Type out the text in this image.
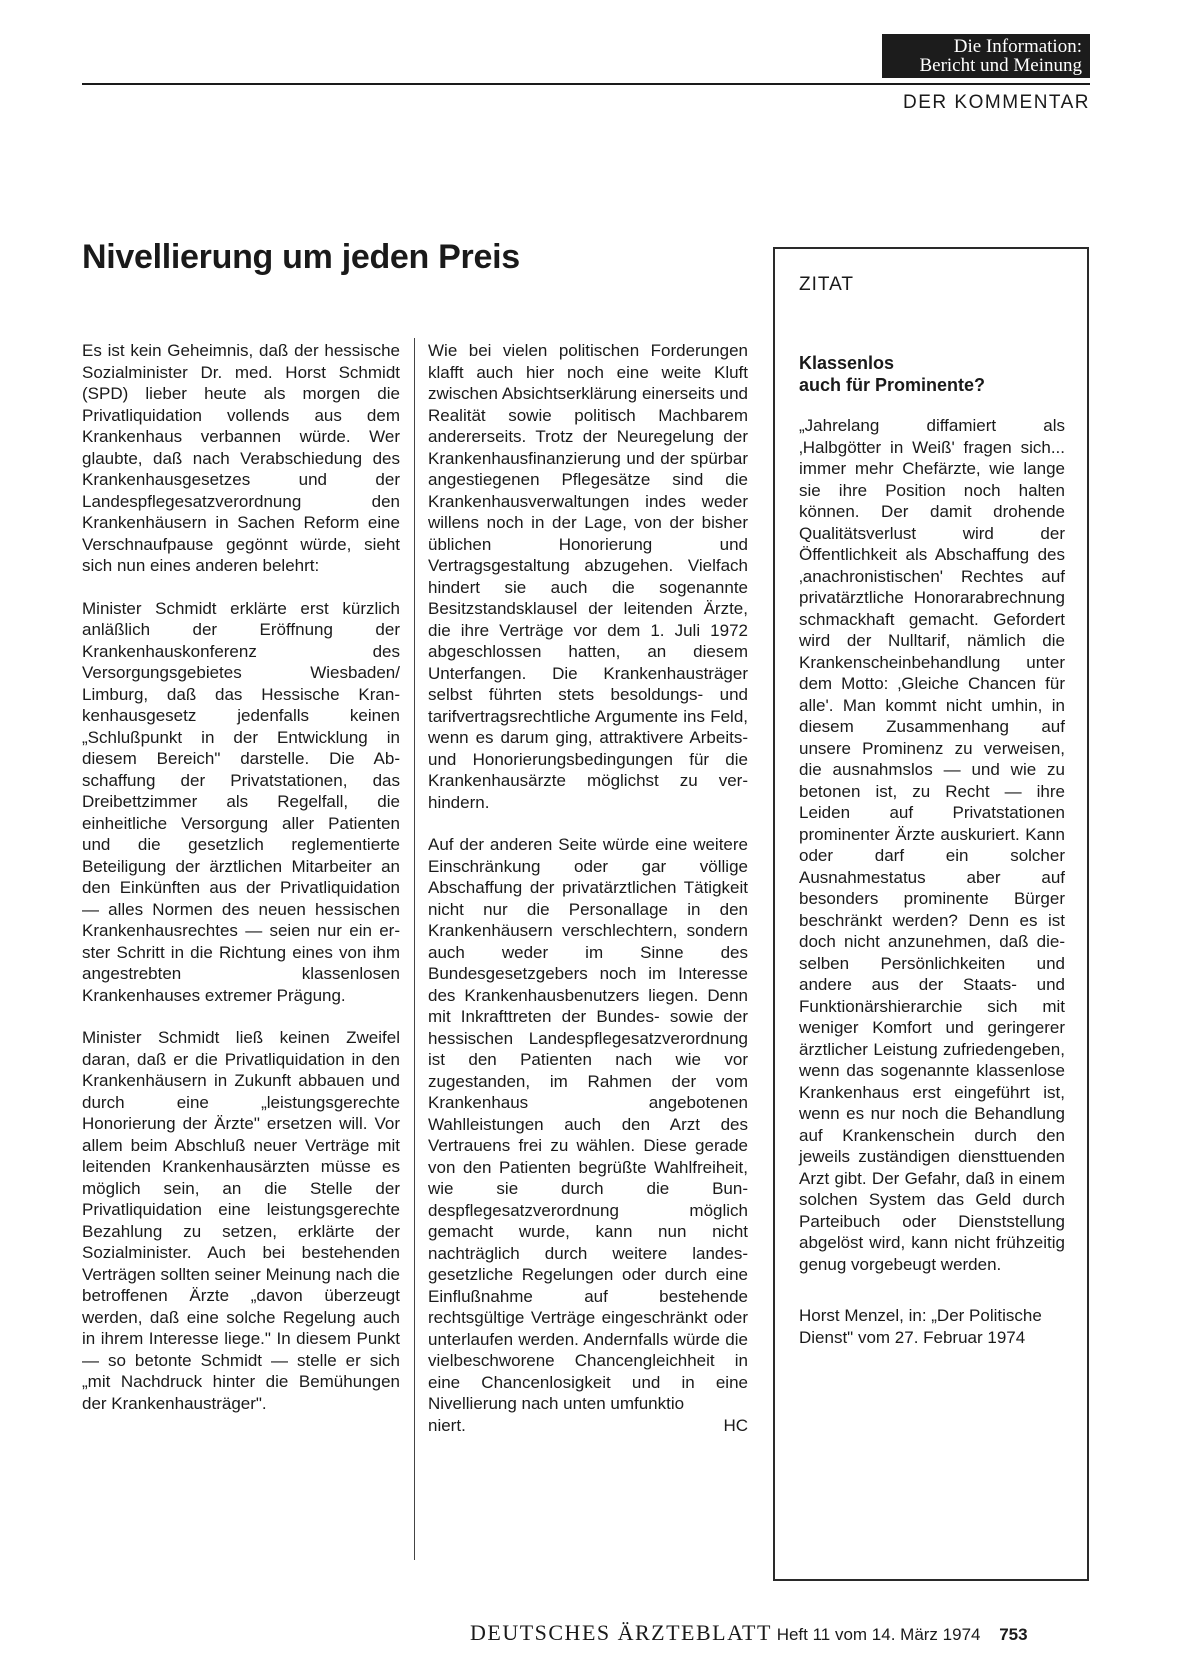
Die Information:
Bericht und Meinung
DER KOMMENTAR
Nivellierung um jeden Preis

Es ist kein Geheimnis, daß der hessische Sozialminister Dr. med. Horst Schmidt (SPD) lieber heute als morgen die Privatliquidation vollends aus dem Krankenhaus verbannen würde. Wer glaubte, daß nach Verabschiedung des Krankenhausgesetzes und der Landespflegesatzverordnung den Krankenhäusern in Sachen Reform eine Verschnaufpause gegönnt würde, sieht sich nun eines anderen belehrt:

Minister Schmidt erklärte erst kürzlich anläßlich der Eröffnung der Krankenhauskonferenz des Versorgungsgebietes Wiesbaden/ Limburg, daß das Hessische Krankenhausgesetz jedenfalls keinen „Schlußpunkt in der Entwicklung in diesem Bereich" darstelle. Die Abschaffung der Privatstationen, das Dreibettzimmer als Regelfall, die einheitliche Versorgung aller Patienten und die gesetzlich reglementierte Beteiligung der ärztlichen Mitarbeiter an den Einkünften aus der Privatliquidation — alles Normen des neuen hessischen Krankenhausrechtes — seien nur ein erster Schritt in die Richtung eines von ihm angestrebten klassenlosen Krankenhauses extremer Prägung.

Minister Schmidt ließ keinen Zweifel daran, daß er die Privatliquidation in den Krankenhäusern in Zukunft abbauen und durch eine „leistungsgerechte Honorierung der Ärzte" ersetzen will. Vor allem beim Abschluß neuer Verträge mit leitenden Krankenhausärzten müsse es möglich sein, an die Stelle der Privatliquidation eine leistungsgerechte Bezahlung zu setzen, erklärte der Sozialminister. Auch bei bestehenden Verträgen sollten seiner Meinung nach die betroffenen Ärzte „davon überzeugt werden, daß eine solche Regelung auch in ihrem Interesse liege." In diesem Punkt — so betonte Schmidt — stelle er sich „mit Nachdruck hinter die Bemühungen der Krankenhausträger".

Wie bei vielen politischen Forderungen klafft auch hier noch eine weite Kluft zwischen Absichtserklärung einerseits und Realität sowie politisch Machbarem andererseits. Trotz der Neuregelung der Krankenhausfinanzierung und der spürbar angestiegenen Pflegesätze sind die Krankenhausverwaltungen indes weder willens noch in der Lage, von der bisher üblichen Honorierung und Vertragsgestaltung abzugehen. Vielfach hindert sie auch die sogenannte Besitzstandsklausel der leitenden Ärzte, die ihre Verträge vor dem 1. Juli 1972 abgeschlossen hatten, an diesem Unterfangen. Die Krankenhausträger selbst führten stets besoldungs- und tarifvertragsrechtliche Argumente ins Feld, wenn es darum ging, attraktivere Arbeits- und Honorierungsbedingungen für die Krankenhausärzte möglichst zu verhindern.

Auf der anderen Seite würde eine weitere Einschränkung oder gar völlige Abschaffung der privatärztlichen Tätigkeit nicht nur die Personallage in den Krankenhäusern verschlechtern, sondern auch weder im Sinne des Bundesgesetzgebers noch im Interesse des Krankenhausbenutzers liegen. Denn mit Inkrafttreten der Bundes- sowie der hessischen Landespflegesatzverordnung ist den Patienten nach wie vor zugestanden, im Rahmen der vom Krankenhaus angebotenen Wahlleistungen auch den Arzt des Vertrauens frei zu wählen. Diese gerade von den Patienten begrüßte Wahlfreiheit, wie sie durch die Bundespflegesatzverordnung möglich gemacht wurde, kann nun nicht nachträglich durch weitere landesgesetzliche Regelungen oder durch eine Einflußnahme auf bestehende rechtsgültige Verträge eingeschränkt oder unterlaufen werden. Andernfalls würde die vielbeschworene Chancengleichheit in eine Chancenlosigkeit und in eine Nivellierung nach unten umfunktio

niert.	HC
ZITAT
Klassenlos
auch für Prominente?

„Jahrelang diffamiert als ‚Halbgötter in Weiß' fragen sich... immer mehr Chefärzte, wie lange sie ihre Position noch halten können. Der damit drohende Qualitätsverlust wird der Öffentlichkeit als Abschaffung des ‚anachronistischen' Rechtes auf privatärztliche Honorarabrechnung schmackhaft gemacht. Gefordert wird der Nulltarif, nämlich die Krankenscheinbehandlung unter dem Motto: ‚Gleiche Chancen für alle'. Man kommt nicht umhin, in diesem Zusammenhang auf unsere Prominenz zu verweisen, die ausnahmslos — und wie zu betonen ist, zu Recht — ihre Leiden auf Privatstationen prominenter Ärzte auskuriert. Kann oder darf ein solcher Ausnahmestatus aber auf besonders prominente Bürger beschränkt werden? Denn es ist doch nicht anzunehmen, daß dieselben Persönlichkeiten und andere aus der Staats- und Funktionärshierarchie sich mit weniger Komfort und geringerer ärztlicher Leistung zufriedengeben, wenn das sogenannte klassenlose Krankenhaus erst eingeführt ist, wenn es nur noch die Behandlung auf Krankenschein durch den jeweils zuständigen diensttuenden Arzt gibt. Der Gefahr, daß in einem solchen System das Geld durch Parteibuch oder Dienststellung abgelöst wird, kann nicht frühzeitig genug vorgebeugt werden.

Horst Menzel, in: „Der Politische Dienst" vom 27. Februar 1974

DEUTSCHES ÄRZTEBLATT Heft 11 vom 14. März 1974 753
